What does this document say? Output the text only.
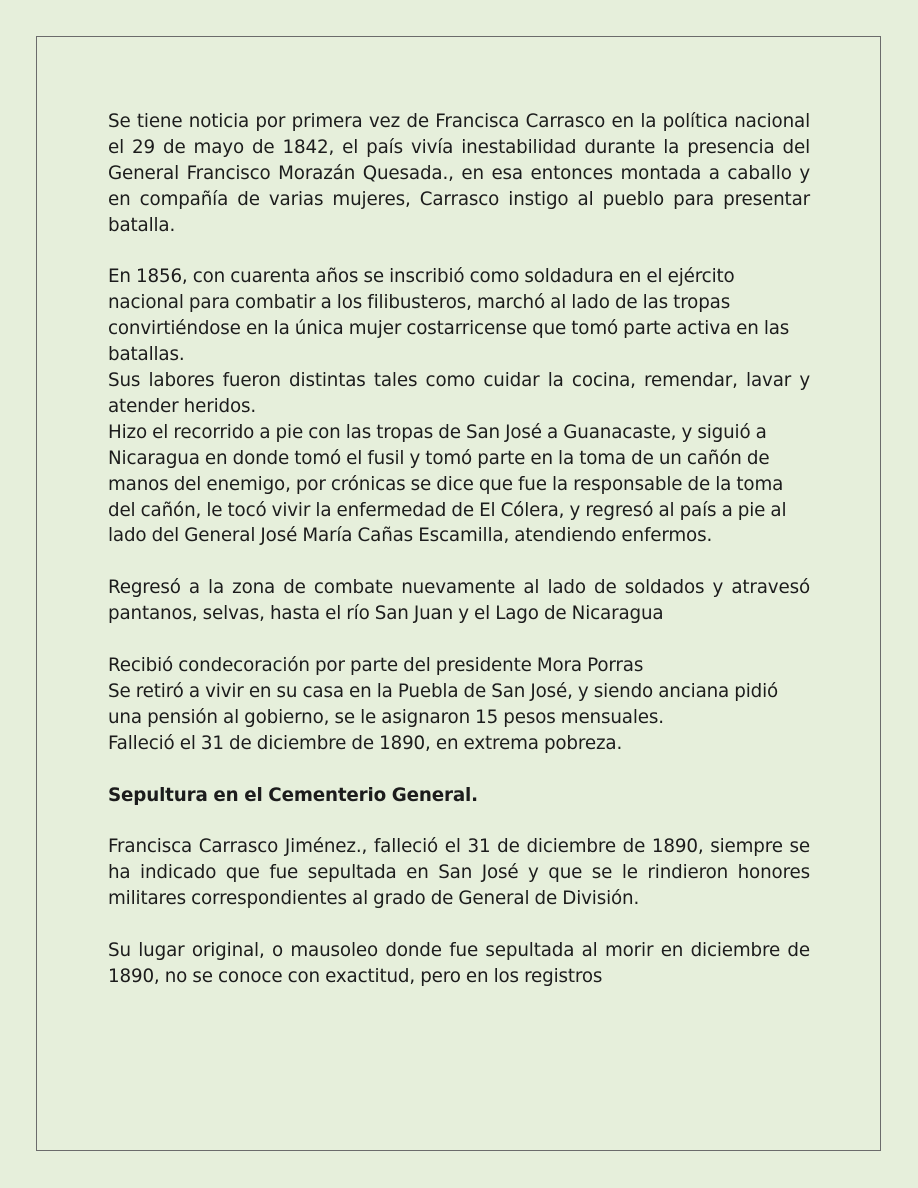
Se tiene noticia por primera vez de Francisca Carrasco en la política nacional el 29 de mayo de 1842, el país vivía inestabilidad durante la presencia del General Francisco Morazán Quesada., en esa entonces montada a caballo y en compañía de varias mujeres, Carrasco instigo al pueblo para presentar batalla.

En 1856, con cuarenta años se inscribió como soldadura en el ejército nacional para combatir a los filibusteros, marchó al lado de las tropas convirtiéndose en la única mujer costarricense que tomó parte activa en las batallas.

Sus labores fueron distintas tales como cuidar la cocina, remendar, lavar y atender heridos.

Hizo el recorrido a pie con las tropas de San José a Guanacaste, y siguió a Nicaragua en donde tomó el fusil y tomó parte en la toma de un cañón de manos del enemigo, por crónicas se dice que fue la responsable de la toma del cañón, le tocó vivir la enfermedad de El Cólera, y regresó al país a pie al lado del General José María Cañas Escamilla, atendiendo enfermos.

Regresó a la zona de combate nuevamente al lado de soldados y atravesó pantanos, selvas, hasta el río San Juan y el Lago de Nicaragua

Recibió condecoración por parte del presidente Mora Porras

Se retiró a vivir en su casa en la Puebla de San José, y siendo anciana pidió una pensión al gobierno, se le asignaron 15 pesos mensuales.

Falleció el 31 de diciembre de 1890, en extrema pobreza.

Sepultura en el Cementerio General.

Francisca Carrasco Jiménez., falleció el 31 de diciembre de 1890, siempre se ha indicado que fue sepultada en San José y que se le rindieron honores militares correspondientes al grado de General de División.

Su lugar original, o mausoleo donde fue sepultada al morir en diciembre de 1890, no se conoce con exactitud, pero en los registros
